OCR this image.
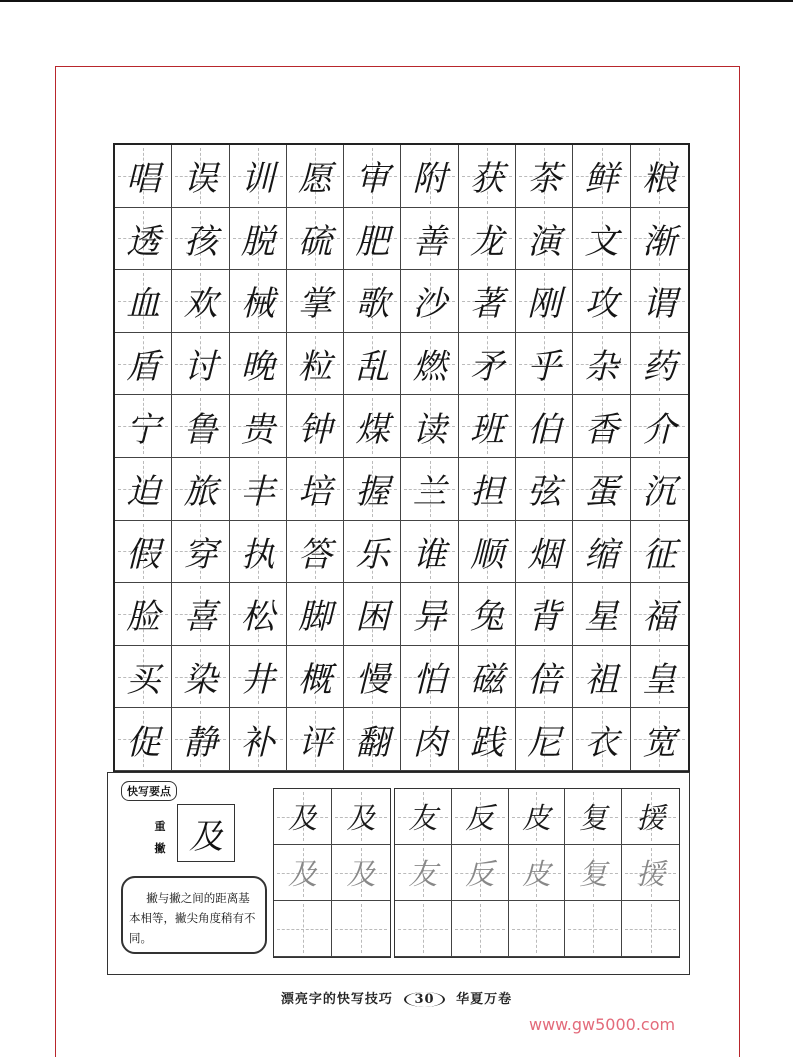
唱 误 训 愿 审 附 获 茶 鲜 粮
透 孩 脱 硫 肥 善 龙 演 文 渐
血 欢 械 掌 歌 沙 著 刚 攻 谓
盾 讨 晚 粒 乱 燃 矛 乎 杂 药
宁 鲁 贵 钟 煤 读 班 伯 香 介
迫 旅 丰 培 握 兰 担 弦 蛋 沉
假 穿 执 答 乐 谁 顺 烟 缩 征
脸 喜 松 脚 困 异 兔 背 星 福
买 染 井 概 慢 怕 磁 倍 祖 皇
促 静 补 评 翻 肉 践 尼 衣 宽
快写要点
重撇 及
撇与撇之间的距离基本相等，撇尖角度稍有不同。
及 及
及 及
友 反 皮 复 援
友 反 皮 复 援
漂亮字的快写技巧 30 华夏万卷
www.gw5000.com
